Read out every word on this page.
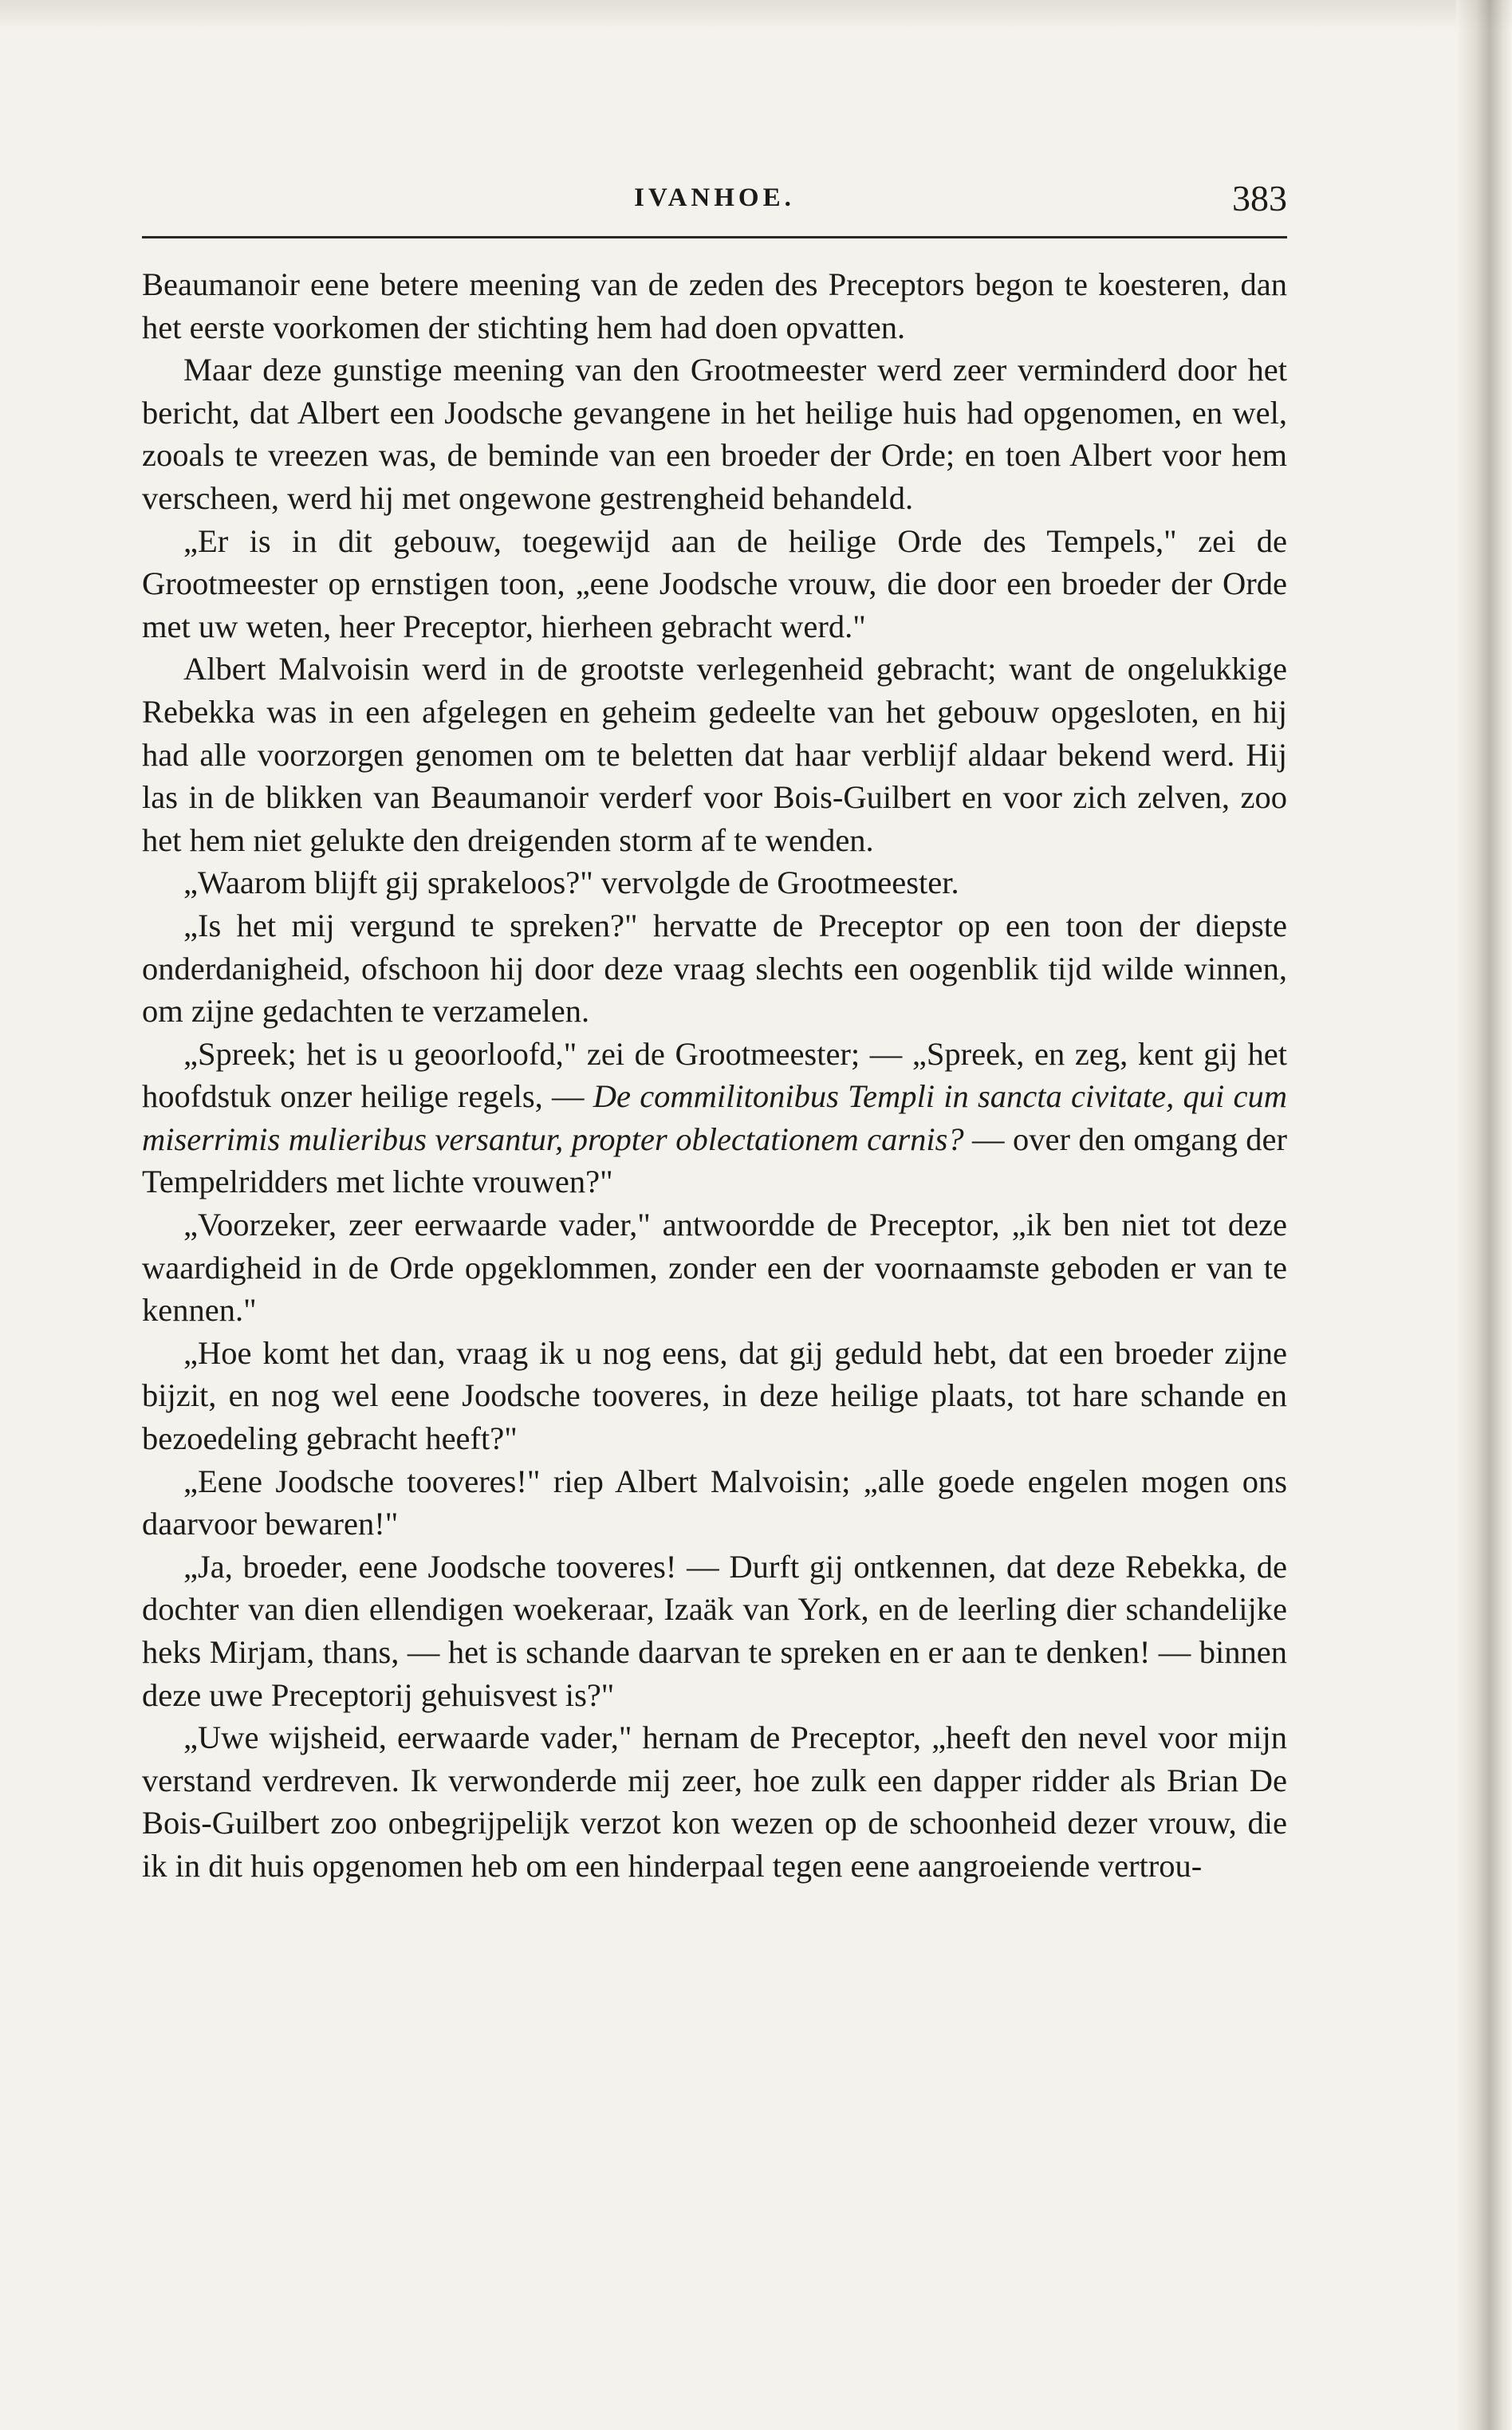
IVANHOE.	383

Beaumanoir eene betere meening van de zeden des Preceptors begon te koesteren, dan het eerste voorkomen der stichting hem had doen opvatten.

Maar deze gunstige meening van den Grootmeester werd zeer verminderd door het bericht, dat Albert een Joodsche gevangene in het heilige huis had opgenomen, en wel, zooals te vreezen was, de beminde van een broeder der Orde; en toen Albert voor hem verscheen, werd hij met ongewone gestrengheid behandeld.

„Er is in dit gebouw, toegewijd aan de heilige Orde des Tempels," zei de Grootmeester op ernstigen toon, „eene Joodsche vrouw, die door een broeder der Orde met uw weten, heer Preceptor, hierheen gebracht werd."

Albert Malvoisin werd in de grootste verlegenheid gebracht; want de ongelukkige Rebekka was in een afgelegen en geheim gedeelte van het gebouw opgesloten, en hij had alle voorzorgen genomen om te beletten dat haar verblijf aldaar bekend werd. Hij las in de blikken van Beaumanoir verderf voor Bois-Guilbert en voor zich zelven, zoo het hem niet gelukte den dreigenden storm af te wenden.

„Waarom blijft gij sprakeloos?" vervolgde de Grootmeester.

„Is het mij vergund te spreken?" hervatte de Preceptor op een toon der diepste onderdanigheid, ofschoon hij door deze vraag slechts een oogenblik tijd wilde winnen, om zijne gedachten te verzamelen.

„Spreek; het is u geoorloofd," zei de Grootmeester; — „Spreek, en zeg, kent gij het hoofdstuk onzer heilige regels, — De commilitonibus Templi in sancta civitate, qui cum miserrimis mulieribus versantur, propter oblectationem carnis? — over den omgang der Tempelridders met lichte vrouwen?"

„Voorzeker, zeer eerwaarde vader," antwoordde de Preceptor, „ik ben niet tot deze waardigheid in de Orde opgeklommen, zonder een der voornaamste geboden er van te kennen."

„Hoe komt het dan, vraag ik u nog eens, dat gij geduld hebt, dat een broeder zijne bijzit, en nog wel eene Joodsche tooveres, in deze heilige plaats, tot hare schande en bezoedeling gebracht heeft?"

„Eene Joodsche tooveres!" riep Albert Malvoisin; „alle goede engelen mogen ons daarvoor bewaren!"

„Ja, broeder, eene Joodsche tooveres! — Durft gij ontkennen, dat deze Rebekka, de dochter van dien ellendigen woekeraar, Izaäk van York, en de leerling dier schandelijke heks Mirjam, thans, — het is schande daarvan te spreken en er aan te denken! — binnen deze uwe Preceptorij gehuisvest is?"

„Uwe wijsheid, eerwaarde vader," hernam de Preceptor, „heeft den nevel voor mijn verstand verdreven. Ik verwonderde mij zeer, hoe zulk een dapper ridder als Brian De Bois-Guilbert zoo onbegrijpelijk verzot kon wezen op de schoonheid dezer vrouw, die ik in dit huis opgenomen heb om een hinderpaal tegen eene aangroeiende vertrou-
